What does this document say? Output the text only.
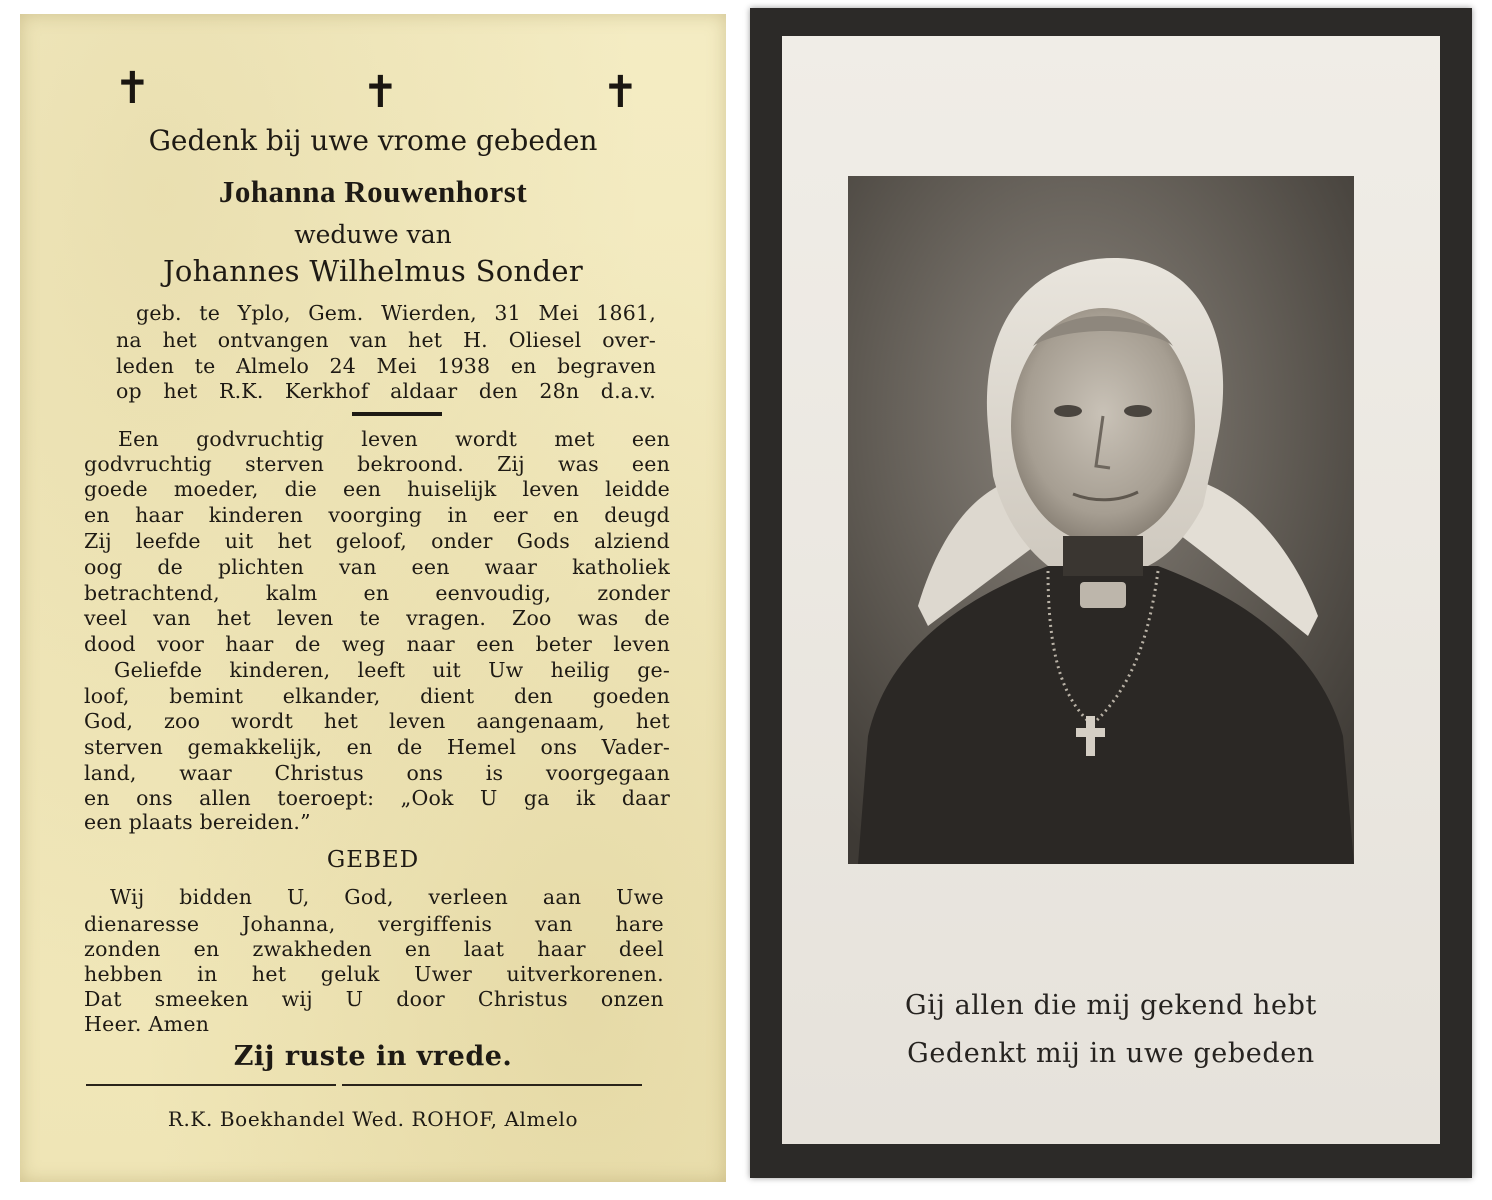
✝	✝	✝
Gedenk bij uwe vrome gebeden
Johanna Rouwenhorst
weduwe van
Johannes Wilhelmus Sonder
geb. te Yplo, Gem. Wierden, 31 Mei 1861,
na het ontvangen van het H. Oliesel over-
leden te Almelo 24 Mei 1938 en begraven
op het R.K. Kerkhof aldaar den 28n d.a.v.
Een godvruchtig leven wordt met een
godvruchtig sterven bekroond. Zij was een
goede moeder, die een huiselijk leven leidde
en haar kinderen voorging in eer en deugd
Zij leefde uit het geloof, onder Gods alziend
oog de plichten van een waar katholiek
betrachtend, kalm en eenvoudig, zonder
veel van het leven te vragen. Zoo was de
dood voor haar de weg naar een beter leven
Geliefde kinderen, leeft uit Uw heilig ge-
loof, bemint elkander, dient den goeden
God, zoo wordt het leven aangenaam, het
sterven gemakkelijk, en de Hemel ons Vader-
land, waar Christus ons is voorgegaan
en ons allen toeroept: „Ook U ga ik daar
een plaats bereiden.”
GEBED
Wij bidden U, God, verleen aan Uwe
dienaresse Johanna, vergiffenis van hare
zonden en zwakheden en laat haar deel
hebben in het geluk Uwer uitverkorenen.
Dat smeeken wij U door Christus onzen
Heer. Amen
Zij ruste in vrede.
R.K. Boekhandel Wed. ROHOF, Almelo
Gij allen die mij gekend hebt
Gedenkt mij in uwe gebeden
